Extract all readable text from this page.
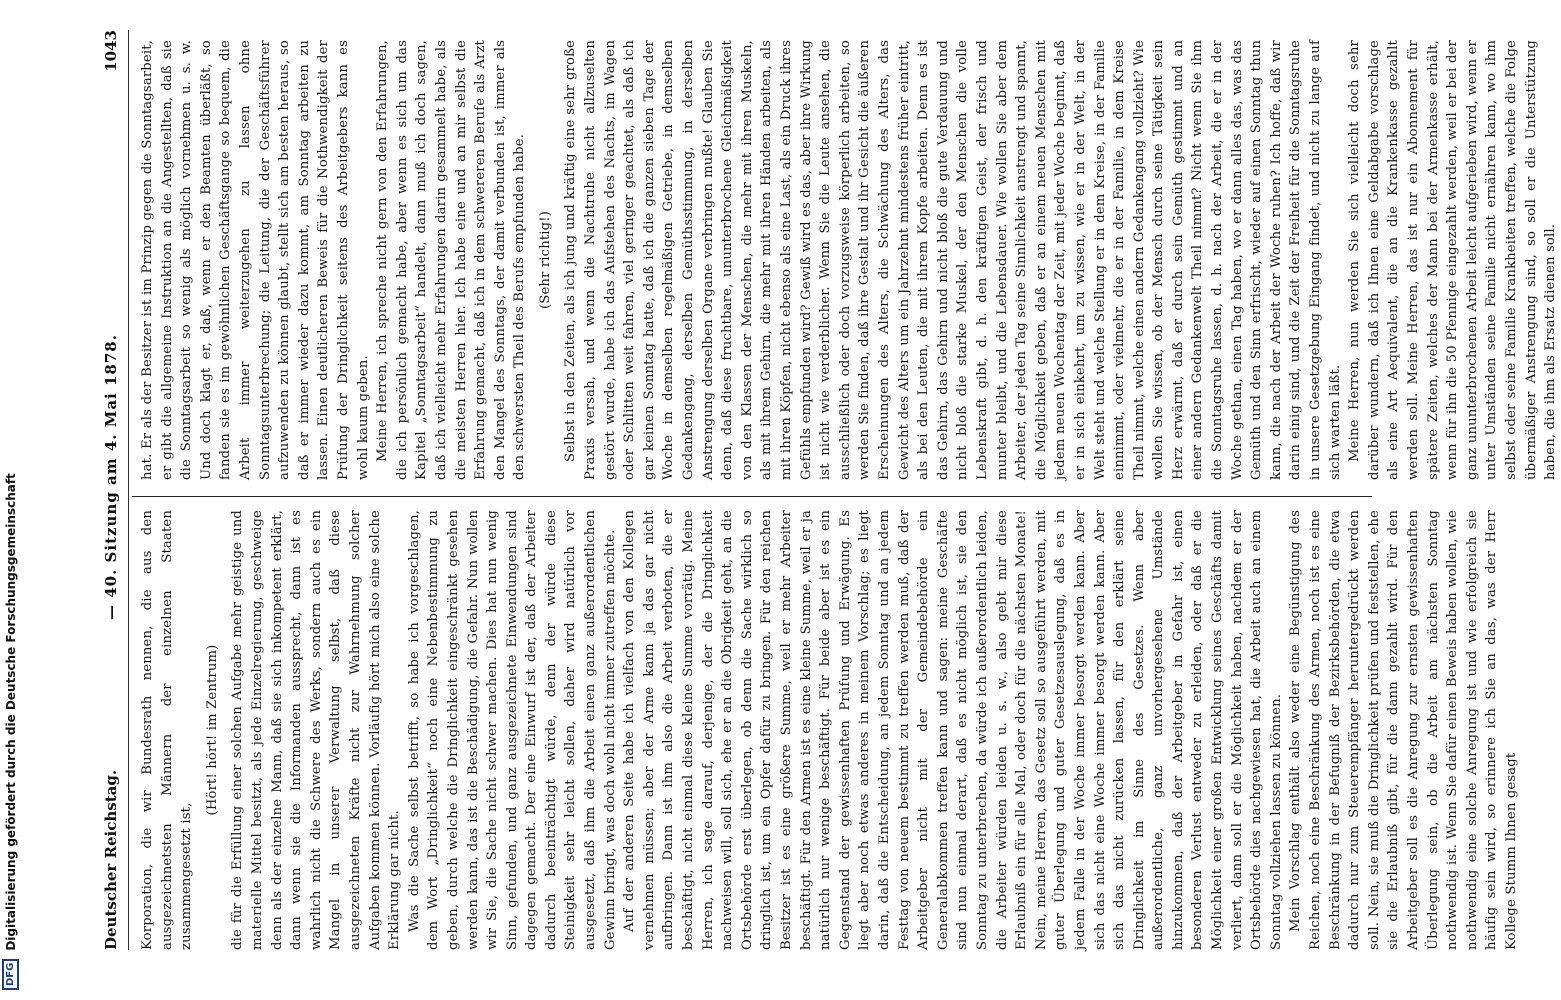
DFG
Digitalisierung gefördert durch die Deutsche Forschungsgemeinschaft	Deutscher Reichstag.
— 40. Sitzung am 4. Mai 1878.
1043

Korporation, die wir Bundesrath nennen, die aus den ausgezeichnetsten Männern der einzelnen Staaten zusammengesetzt ist,

(Hört! hört! im Zentrum) die für die Erfüllung einer solchen Aufgabe mehr geistige und materielle Mittel besitzt, als jede Einzelregierung, geschweige denn als der einzelne Mann, daß sie sich inkompetent erklärt, dann wenn sie die Informanden aussprecht, dann ist es wahrlich nicht die Schwere des Werks, sondern auch es ein Mangel in unserer Verwaltung selbst, daß diese ausgezeichneten Kräfte nicht zur Wahrnehmung solcher Aufgaben kommen können. Vorläufig hört mich also eine solche Erklärung gar nicht. Was die Sache selbst betrifft, so habe ich vorgeschlagen, dem Wort „Dringlichkeit“ noch eine Nebenbestimmung zu geben, durch welche die Dringlichkeit eingeschränkt gesehen werden kann, das ist die Beschädigung, die Gefahr. Nun wollen wir Sie, die Sache nicht schwer machen. Dies hat nun wenig Sinn, gefunden, und ganz ausgezeichnete Einwendungen sind dagegen gemacht. Der eine Einwurf ist der, daß der Arbeiter dadurch beeinträchtigt würde, denn der würde diese Steinigkeit sehr leicht sollen, daher wird natürlich vor ausgesetzt, daß ihm die Arbeit einen ganz außerordentlichen Gewinn bringt, was doch wohl nicht immer zutreffen möchte. Auf der anderen Seite habe ich vielfach von den Kollegen vernehmen müssen; aber der Arme kann ja das gar nicht aufbringen. Dann ist ihm also die Arbeit verboten, die er beschäftigt, nicht einmal diese kleine Summe vorrätig. Meine Herren, ich sage darauf, derjenige, der die Dringlichkeit nachweisen will, soll sich, ehe er an die Obrigkeit geht, an die Ortsbehörde erst überlegen, ob denn die Sache wirklich so dringlich ist, um ein Opfer dafür zu bringen. Für den reichen Besitzer ist es eine größere Summe, weil er mehr Arbeiter beschäftigt. Für den Armen ist es eine kleine Summe, weil er ja natürlich nur wenige beschäftigt. Für beide aber ist es ein Gegenstand der gewissenhaften Prüfung und Erwägung. Es liegt aber noch etwas anderes in meinem Vorschlag; es liegt darin, daß die Entscheidung, an jedem Sonntag und an jedem Festtag von neuem bestimmt zu treffen werden muß, daß der Arbeitgeber nicht mit der Gemeindebehörde ein Generalabkommen treffen kann und sagen: meine Geschäfte sind nun einmal derart, daß es nicht möglich ist, sie den Sonntag zu unterbrechen, da würde ich außerordentlich leiden, die Arbeiter würden leiden u. s. w., also gebt mir diese Erlaubniß ein für alle Mal, oder doch für die nächsten Monate! Nein, meine Herren, das Gesetz soll so ausgeführt werden, mit guter Überlegung und guter Gesetzesauslegung, daß es in jedem Falle in der Woche immer besorgt werden kann. Aber sich das nicht eine Woche immer besorgt werden kann. Aber sich das nicht zurücken lassen, für den erklärt seine Dringlichkeit im Sinne des Gesetzes. Wenn aber außerordentliche, ganz unvorhergesehene Umstände hinzukommen, daß der Arbeitgeber in Gefahr ist, einen besonderen Verlust entweder zu erleiden, oder daß er die Möglichkeit einer großen Entwicklung seines Geschäfts damit verliert, dann soll er die Möglichkeit haben, nachdem er der Ortsbehörde dies nachgewiesen hat, die Arbeit auch an einem Sonntag vollziehen lassen zu können. Mein Vorschlag enthält also weder eine Begünstigung des Reichen, noch eine Beschränkung des Armen, noch ist es eine Beschränkung in der Befugniß der Bezirksbehörden, die etwa dadurch nur zum Steuerempfänger heruntergedrückt werden soll. Nein, sie muß die Dringlichkeit prüfen und feststellen, ehe sie die Erlaubniß gibt, für die dann gezahlt wird. Für den Arbeitgeber soll es die Anregung zur ernsten gewissenhaften Überlegung sein, ob die Arbeit am nächsten Sonntag nothwendig ist. Wenn Sie dafür einen Beweis haben wollen, wie nothwendig eine solche Anregung ist und wie erfolgreich sie häufig sein wird, so erinnere ich Sie an das, was der Herr Kollege Stumm Ihnen gesagt

hat. Er als der Besitzer ist im Prinzip gegen die Sonntagsarbeit, er gibt die allgemeine Instruktion an die Angestellten, daß sie die Sonntagsarbeit so wenig als möglich vornehmen u. s. w. Und doch klagt er, daß, wenn er den Beamten überläßt, so fanden sie es im gewöhnlichen Geschäftsgange so bequem, die Arbeit immer weiterzugehen zu lassen ohne Sonntagsunterbrechung; die Leitung, die der Geschäftsführer aufzuwenden zu können glaubt, stellt sich am besten heraus, so daß er immer wieder dazu kommt, am Sonntag arbeiten zu lassen. Einen deutlicheren Beweis für die Nothwendigkeit der Prüfung der Dringlichkeit seitens des Arbeitgebers kann es wohl kaum geben. Meine Herren, ich spreche nicht gern von den Erfahrungen, die ich persönlich gemacht habe, aber wenn es sich um das Kapitel „Sonntagsarbeit“ handelt, dann muß ich doch sagen, daß ich vielleicht mehr Erfahrungen darin gesammelt habe, als die meisten Herren hier. Ich habe eine und an mir selbst die Erfahrung gemacht, daß ich in dem schwereren Berufe als Arzt den Mangel des Sonntags, der damit verbunden ist, immer als den schwersten Theil des Berufs empfunden habe. (Sehr richtig!) Selbst in den Zeiten, als ich jung und kräftig eine sehr große Praxis versah, und wenn die Nachtruhe nicht allzuselten gestört wurde, habe ich das Aufstehen des Nachts, im Wagen oder Schlitten weit fahren, viel geringer geachtet, als daß ich gar keinen Sonntag hatte, daß ich die ganzen sieben Tage der Woche in demselben regelmäßigen Getriebe, in demselben Gedankengang, derselben Gemüthsstimmung, in derselben Anstrengung derselben Organe verbringen mußte! Glauben Sie denn, daß diese fruchtbare, ununterbrochene Gleichmäßigkeit von den Klassen der Menschen, die mehr mit ihren Muskeln, als mit ihrem Gehirn, die mehr mit ihren Händen arbeiten, als mit ihren Köpfen, nicht ebenso als eine Last, als ein Druck ihres Gefühls empfunden wird? Gewiß wird es das, aber ihre Wirkung ist nicht wie verderblicher. Wenn Sie die Leute ansehen, die ausschließlich oder doch vorzugsweise körperlich arbeiten, so werden Sie finden, daß ihre Gestalt und ihr Gesicht die äußeren Erscheinungen des Alters, die Schwächung des Alters, das Gewicht des Alters um ein Jahrzehnt mindestens früher eintritt, als bei den Leuten, die mit ihrem Kopfe arbeiten. Denn es ist das Gehirn, das Gehirn und nicht bloß die gute Verdauung und nicht bloß die starke Muskel, der den Menschen die volle Lebenskraft gibt, d. h. den kräftigen Geist, der frisch und munter bleibt, und die Lebensdauer. Wie wollen Sie aber dem Arbeiter, der jeden Tag seine Sinnlichkeit anstrengt und spannt, die Möglichkeit geben, daß er an einem neuen Menschen mit jedem neuen Wochentag der Zeit, mit jeder Woche beginnt, daß er in sich einkehrt, um zu wissen, wie er in der Welt, in der Welt steht und welche Stellung er in dem Kreise, in der Familie einnimmt, oder vielmehr, die er in der Familie, in dem Kreise Theil nimmt, welche einen andern Gedankengang vollzieht? Wie wollen Sie wissen, ob der Mensch durch seine Tätigkeit sein Herz erwärmt, daß er durch sein Gemüth gestimmt und an einer andern Gedankenwelt Theil nimmt? Nicht wenn Sie ihm die Sonntagsruhe lassen, d. h. nach der Arbeit, die er in der Woche gethan, einen Tag haben, wo er dann alles das, was das Gemüth und den Sinn erfrischt, wieder auf einen Sonntag thun kann, die nach der Arbeit der Woche ruhen? Ich hoffe, daß wir darin einig sind, und die Zeit der Freiheit für die Sonntagsruhe in unsere Gesetzgebung Eingang findet, und nicht zu lange auf sich warten läßt. Meine Herren, nun werden Sie sich vielleicht doch sehr darüber wundern, daß ich Ihnen eine Geldabgabe vorschlage als eine Art Aequivalent, die an die Krankenkasse gezahlt werden soll. Meine Herren, das ist nur ein Abonnement für spätere Zeiten, welches der Mann bei der Armenkasse erhält, wenn für ihn die 50 Pfennige eingezahlt werden, weil er bei der ganz ununterbrochenen Arbeit leicht aufgerieben wird, wenn er unter Umständen seine Familie nicht ernähren kann, wo ihm selbst oder seine Familie Krankheiten treffen, welche die Folge übermäßiger Anstrengung sind, so soll er die Unterstützung haben, die ihm als Ersatz dienen soll.
